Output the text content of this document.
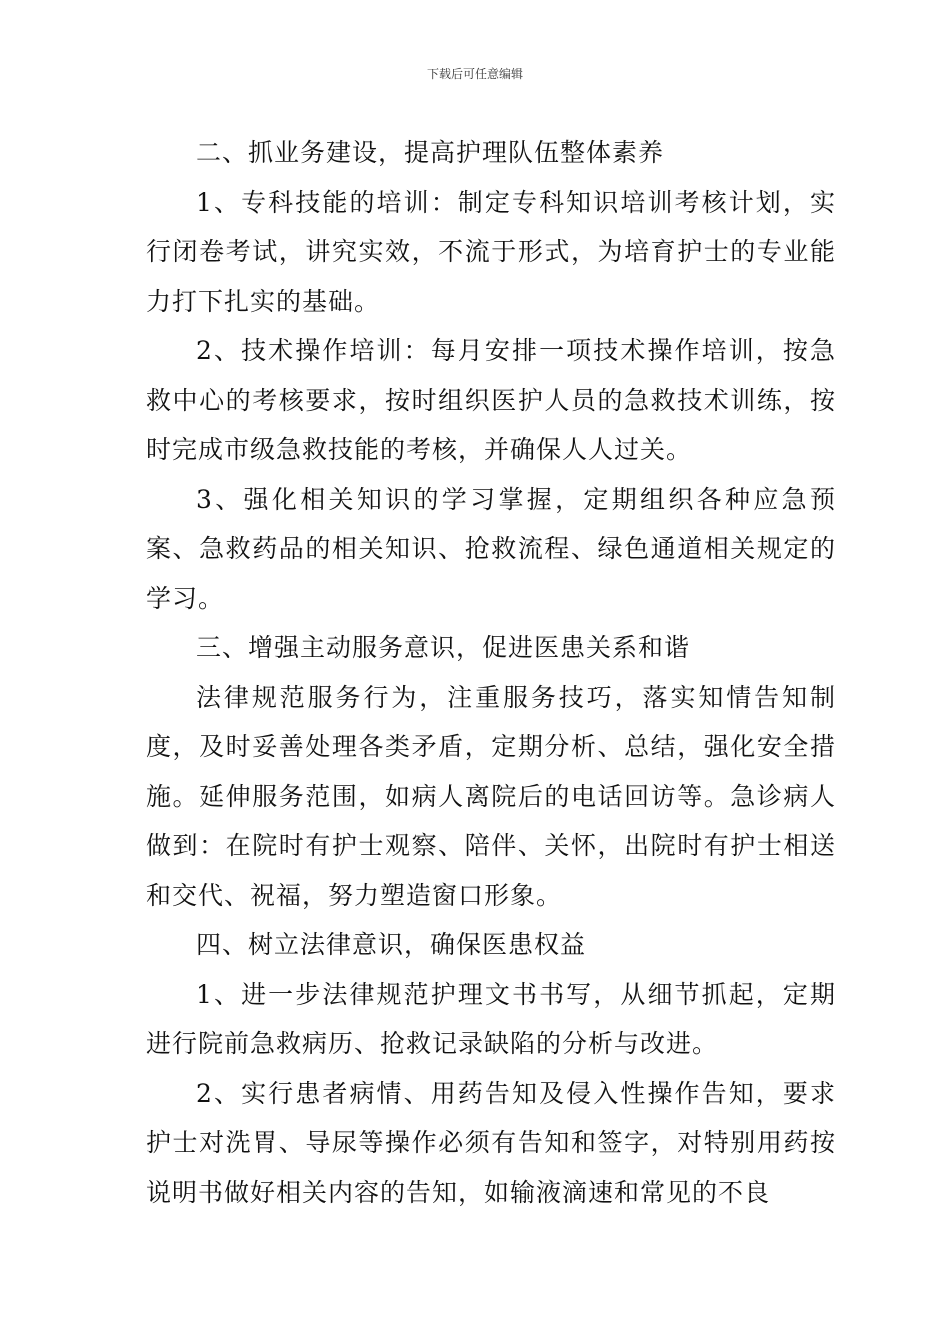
下载后可任意编辑

二、抓业务建设，提高护理队伍整体素养

1、专科技能的培训：制定专科知识培训考核计划，实行闭卷考试，讲究实效，不流于形式，为培育护士的专业能力打下扎实的基础。

2、技术操作培训：每月安排一项技术操作培训，按急救中心的考核要求，按时组织医护人员的急救技术训练，按时完成市级急救技能的考核，并确保人人过关。

3、强化相关知识的学习掌握，定期组织各种应急预案、急救药品的相关知识、抢救流程、绿色通道相关规定的学习。

三、增强主动服务意识，促进医患关系和谐

法律规范服务行为，注重服务技巧，落实知情告知制度，及时妥善处理各类矛盾，定期分析、总结，强化安全措施。延伸服务范围，如病人离院后的电话回访等。急诊病人做到：在院时有护士观察、陪伴、关怀，出院时有护士相送和交代、祝福，努力塑造窗口形象。

四、树立法律意识，确保医患权益

1、进一步法律规范护理文书书写，从细节抓起，定期进行院前急救病历、抢救记录缺陷的分析与改进。

2、实行患者病情、用药告知及侵入性操作告知，要求护士对洗胃、导尿等操作必须有告知和签字，对特别用药按说明书做好相关内容的告知，如输液滴速和常见的不良
